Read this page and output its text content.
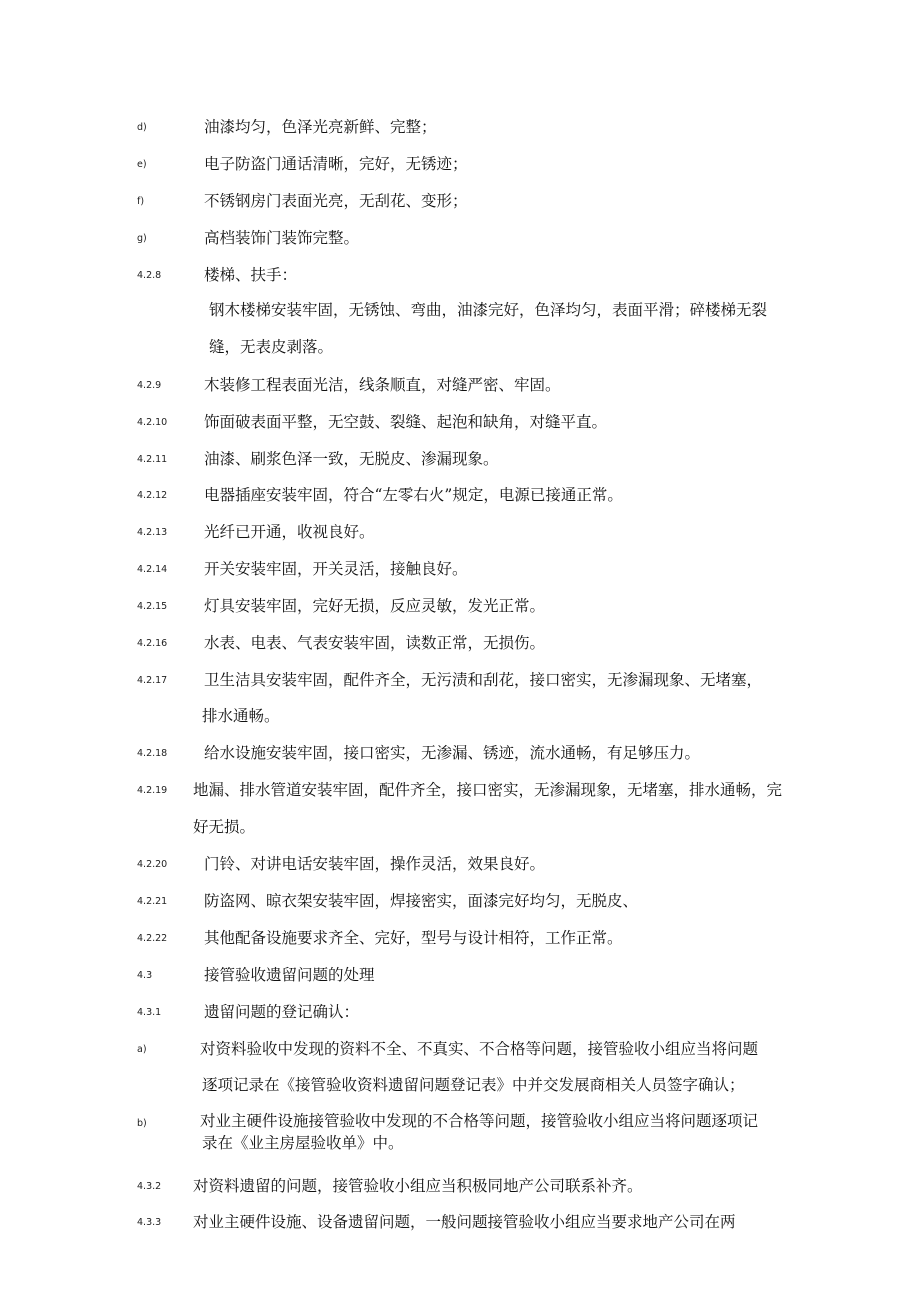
d)	油漆均匀，色泽光亮新鲜、完整；
e)	电子防盗门通话清晰，完好，无锈迹；
f)	不锈钢房门表面光亮，无刮花、变形；
g)	高档装饰门装饰完整。
4.2.8	楼梯、扶手：
钢木楼梯安装牢固，无锈蚀、弯曲，油漆完好，色泽均匀，表面平滑；碎楼梯无裂
缝，无表皮剥落。
4.2.9	木装修工程表面光洁，线条顺直，对缝严密、牢固。
4.2.10 饰面破表面平整，无空鼓、裂缝、起泡和缺角，对缝平直。
4.2.11 油漆、刷浆色泽一致，无脱皮、渗漏现象。
4.2.12 电器插座安装牢固，符合“左零右火”规定，电源已接通正常。
4.2.13 光纤已开通，收视良好。
4.2.14 开关安装牢固，开关灵活，接触良好。
4.2.15 灯具安装牢固，完好无损，反应灵敏，发光正常。
4.2.16 水表、电表、气表安装牢固，读数正常，无损伤。
4.2.17 卫生洁具安装牢固，配件齐全，无污渍和刮花，接口密实，无渗漏现象、无堵塞，
排水通畅。
4.2.18 给水设施安装牢固，接口密实，无渗漏、锈迹，流水通畅，有足够压力。
4.2.19 地漏、排水管道安装牢固，配件齐全，接口密实，无渗漏现象，无堵塞，排水通畅，完
好无损。
4.2.20 门铃、对讲电话安装牢固，操作灵活，效果良好。
4.2.21 防盗网、晾衣架安装牢固，焊接密实，面漆完好均匀，无脱皮、
4.2.22 其他配备设施要求齐全、完好，型号与设计相符，工作正常。
4.3	接管验收遗留问题的处理
4.3.1	遗留问题的登记确认：
a)	对资料验收中发现的资料不全、不真实、不合格等问题，接管验收小组应当将问题
逐项记录在《接管验收资料遗留问题登记表》中并交发展商相关人员签字确认；
b)	对业主硬件设施接管验收中发现的不合格等问题，接管验收小组应当将问题逐项记
录在《业主房屋验收单》中。
4.3.2 对资料遗留的问题，接管验收小组应当积极同地产公司联系补齐。
4.3.3 对业主硬件设施、设备遗留问题，一般问题接管验收小组应当要求地产公司在两
